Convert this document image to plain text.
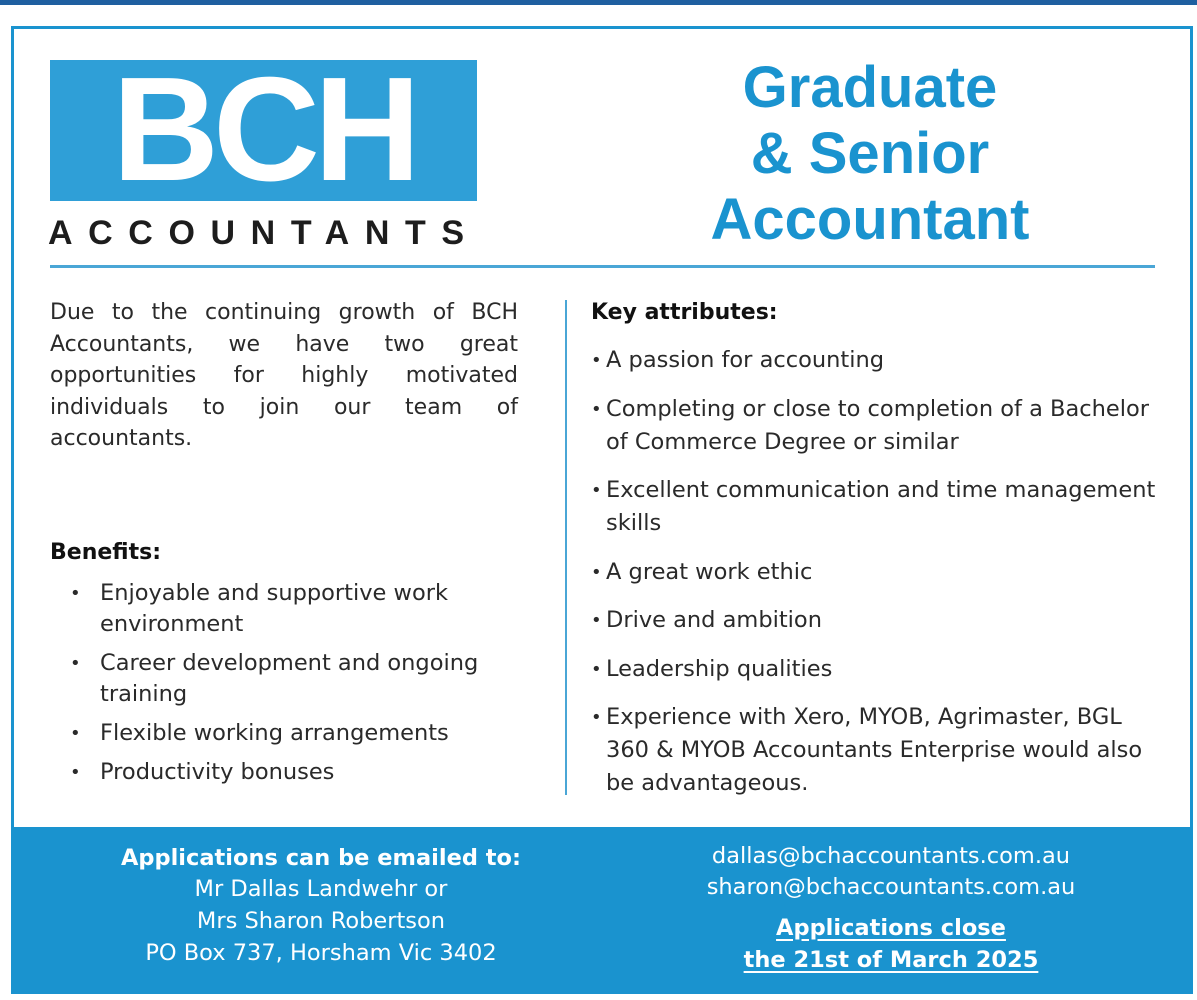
BCH
ACCOUNTANTS
Graduate
& Senior
Accountant

Due to the continuing growth of BCH Accountants, we have two great opportunities for highly motivated individuals to join our team of accountants.

Benefits:
• Enjoyable and supportive work environment
• Career development and ongoing training
• Flexible working arrangements
• Productivity bonuses
Key attributes:
• A passion for accounting
• Completing or close to completion of a Bachelor of Commerce Degree or similar
• Excellent communication and time management skills
• A great work ethic
• Drive and ambition
• Leadership qualities
• Experience with Xero, MYOB, Agrimaster, BGL 360 & MYOB Accountants Enterprise would also be advantageous.
Applications can be emailed to:
Mr Dallas Landwehr or
Mrs Sharon Robertson
PO Box 737, Horsham Vic 3402
dallas@bchaccountants.com.au
sharon@bchaccountants.com.au
Applications close
the 21st of March 2025
